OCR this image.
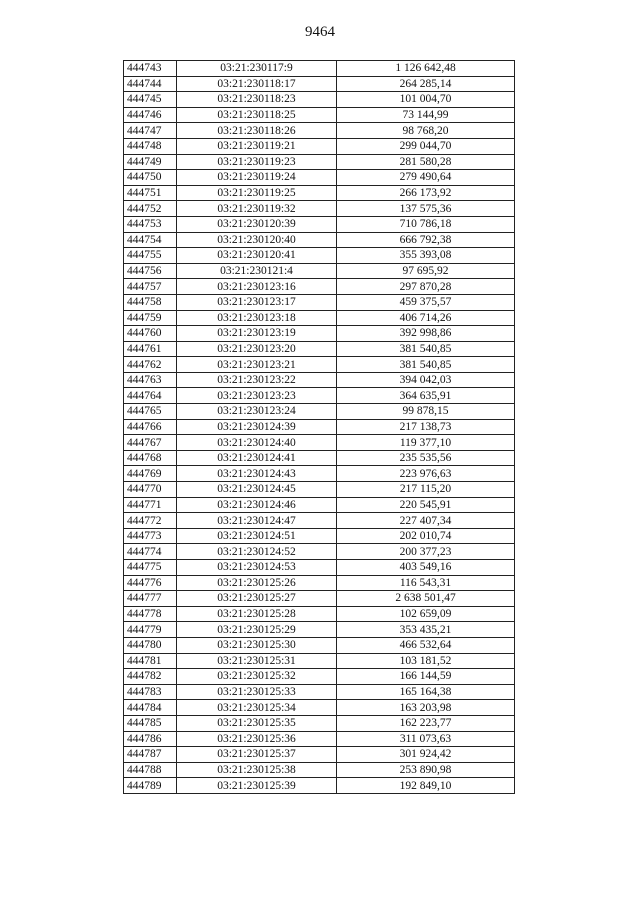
9464
444743	03:21:230117:9	1 126 642,48
444744	03:21:230118:17	264 285,14
444745	03:21:230118:23	101 004,70
444746	03:21:230118:25	73 144,99
444747	03:21:230118:26	98 768,20
444748	03:21:230119:21	299 044,70
444749	03:21:230119:23	281 580,28
444750	03:21:230119:24	279 490,64
444751	03:21:230119:25	266 173,92
444752	03:21:230119:32	137 575,36
444753	03:21:230120:39	710 786,18
444754	03:21:230120:40	666 792,38
444755	03:21:230120:41	355 393,08
444756	03:21:230121:4	97 695,92
444757	03:21:230123:16	297 870,28
444758	03:21:230123:17	459 375,57
444759	03:21:230123:18	406 714,26
444760	03:21:230123:19	392 998,86
444761	03:21:230123:20	381 540,85
444762	03:21:230123:21	381 540,85
444763	03:21:230123:22	394 042,03
444764	03:21:230123:23	364 635,91
444765	03:21:230123:24	99 878,15
444766	03:21:230124:39	217 138,73
444767	03:21:230124:40	119 377,10
444768	03:21:230124:41	235 535,56
444769	03:21:230124:43	223 976,63
444770	03:21:230124:45	217 115,20
444771	03:21:230124:46	220 545,91
444772	03:21:230124:47	227 407,34
444773	03:21:230124:51	202 010,74
444774	03:21:230124:52	200 377,23
444775	03:21:230124:53	403 549,16
444776	03:21:230125:26	116 543,31
444777	03:21:230125:27	2 638 501,47
444778	03:21:230125:28	102 659,09
444779	03:21:230125:29	353 435,21
444780	03:21:230125:30	466 532,64
444781	03:21:230125:31	103 181,52
444782	03:21:230125:32	166 144,59
444783	03:21:230125:33	165 164,38
444784	03:21:230125:34	163 203,98
444785	03:21:230125:35	162 223,77
444786	03:21:230125:36	311 073,63
444787	03:21:230125:37	301 924,42
444788	03:21:230125:38	253 890,98
444789	03:21:230125:39	192 849,10
